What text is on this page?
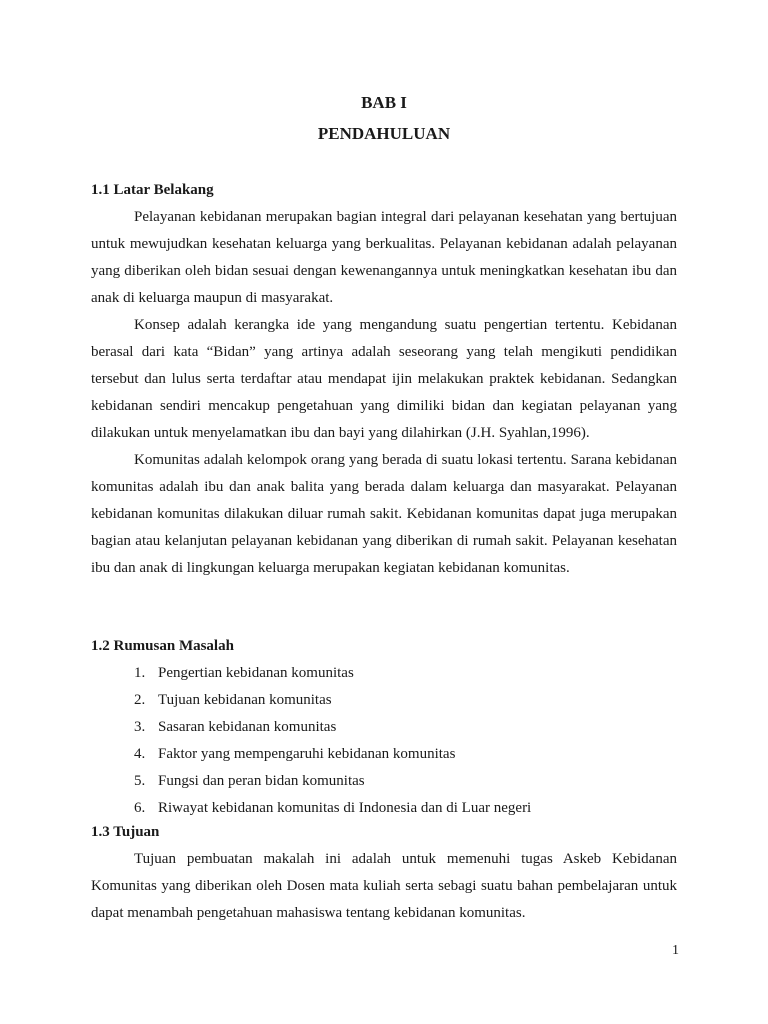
BAB I
PENDAHULUAN
1.1 Latar Belakang

Pelayanan kebidanan merupakan bagian integral dari pelayanan kesehatan yang bertujuan untuk mewujudkan kesehatan keluarga yang berkualitas. Pelayanan kebidanan adalah pelayanan yang diberikan oleh bidan sesuai dengan kewenangannya untuk meningkatkan kesehatan ibu dan anak di keluarga maupun di masyarakat.

Konsep adalah kerangka ide yang mengandung suatu pengertian tertentu. Kebidanan berasal dari kata “Bidan” yang artinya adalah seseorang yang telah mengikuti pendidikan tersebut dan lulus serta terdaftar atau mendapat ijin melakukan praktek kebidanan. Sedangkan kebidanan sendiri mencakup pengetahuan yang dimiliki bidan dan kegiatan pelayanan yang dilakukan untuk menyelamatkan ibu dan bayi yang dilahirkan (J.H. Syahlan,1996).

Komunitas adalah kelompok orang yang berada di suatu lokasi tertentu. Sarana kebidanan komunitas adalah ibu dan anak balita yang berada dalam keluarga dan masyarakat. Pelayanan kebidanan komunitas dilakukan diluar rumah sakit. Kebidanan komunitas dapat juga merupakan bagian atau kelanjutan pelayanan kebidanan yang diberikan di rumah sakit. Pelayanan kesehatan ibu dan anak di lingkungan keluarga merupakan kegiatan kebidanan komunitas.

1.2 Rumusan Masalah
1. Pengertian kebidanan komunitas
2. Tujuan kebidanan komunitas
3. Sasaran kebidanan komunitas
4. Faktor yang mempengaruhi kebidanan komunitas
5. Fungsi dan peran bidan komunitas
6. Riwayat kebidanan komunitas di Indonesia dan di Luar negeri
1.3 Tujuan

Tujuan pembuatan makalah ini adalah untuk memenuhi tugas Askeb Kebidanan Komunitas yang diberikan oleh Dosen mata kuliah serta sebagi suatu bahan pembelajaran untuk dapat menambah pengetahuan mahasiswa tentang kebidanan komunitas.

1
